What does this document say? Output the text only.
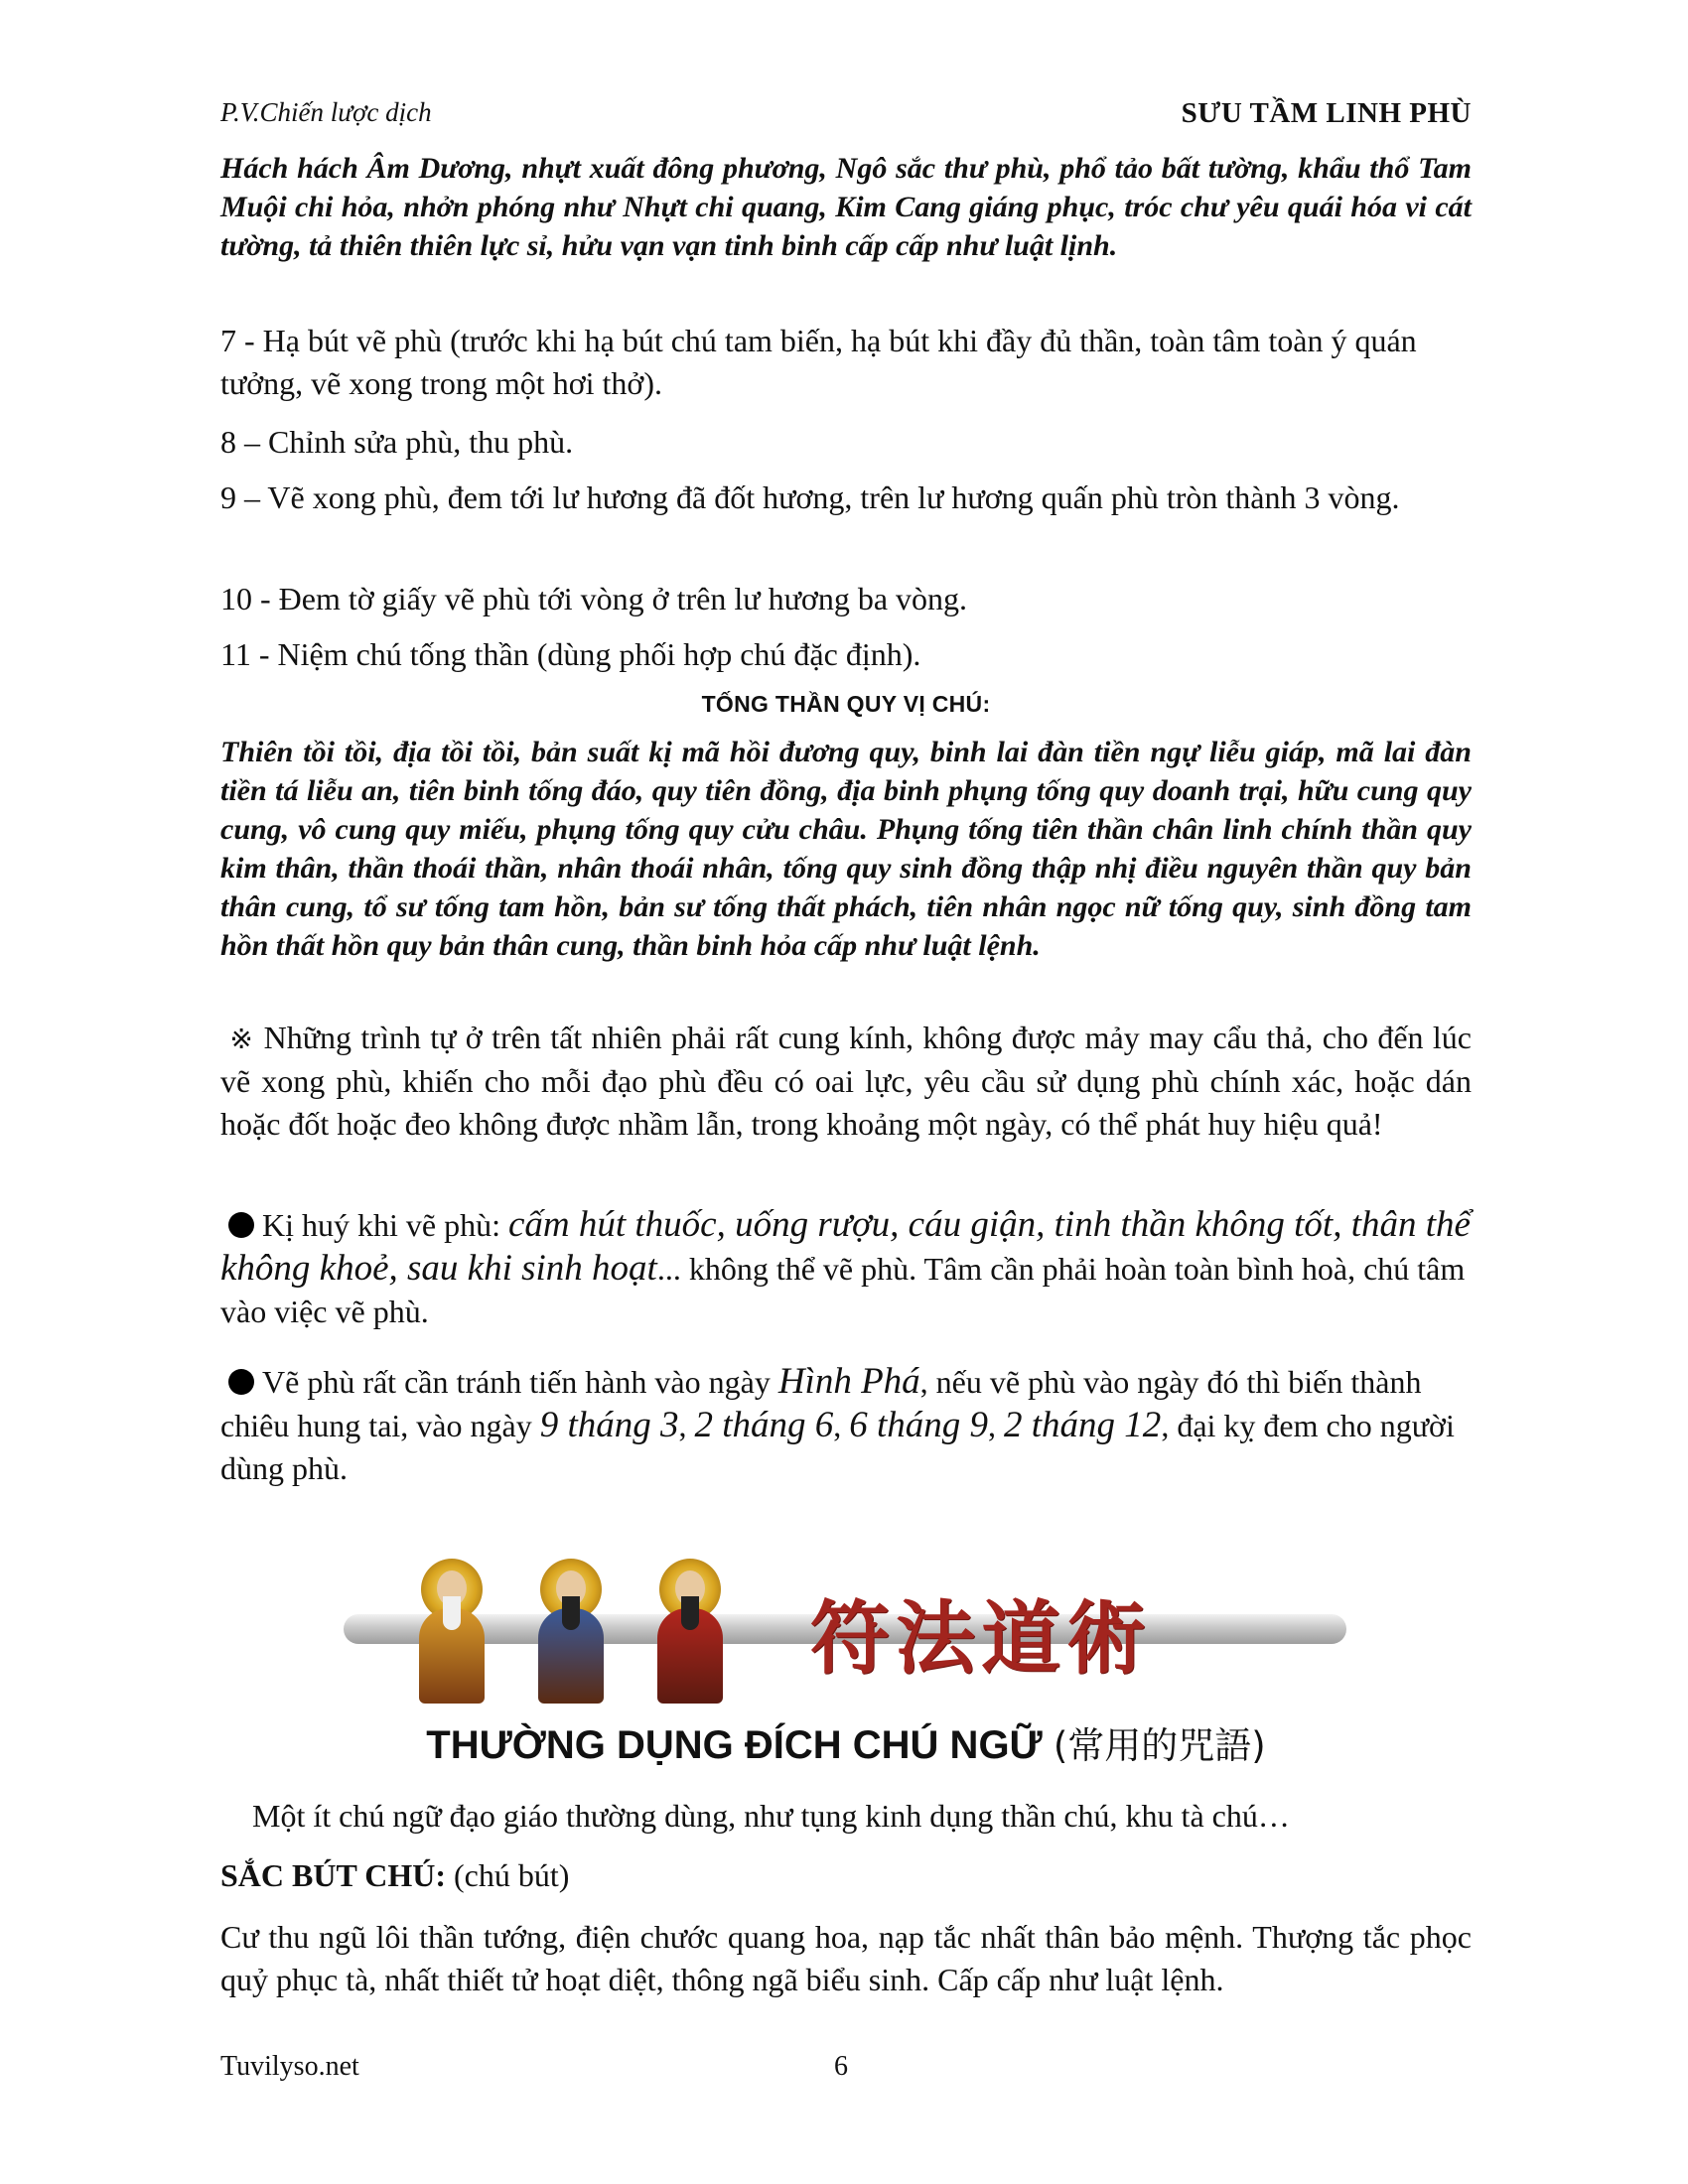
P.V.Chiến lược dịch	SƯU TẦM LINH PHÙ
Hách hách Âm Dương, nhựt xuất đông phương, Ngô sắc thư phù, phổ tảo bất tường, khẩu thổ Tam Muội chi hỏa, nhởn phóng như Nhựt chi quang, Kim Cang giáng phục, tróc chư yêu quái hóa vi cát tường, tả thiên thiên lực sỉ, hửu vạn vạn tinh binh cấp cấp như luật lịnh.
7 - Hạ bút vẽ phù (trước khi hạ bút chú tam biến, hạ bút khi đầy đủ thần, toàn tâm toàn ý quán tưởng, vẽ xong trong một hơi thở).
8 – Chỉnh sửa phù, thu phù.
9 – Vẽ xong phù, đem tới lư hương đã đốt hương, trên lư hương quấn phù tròn thành 3 vòng.
10 - Đem tờ giấy vẽ phù tới vòng ở trên lư hương ba vòng.
11 - Niệm chú tống thần (dùng phối hợp chú đặc định).
TỐNG THẦN QUY VỊ CHÚ:
Thiên tồi tồi, địa tồi tồi, bản suất kị mã hồi đương quy, binh lai đàn tiền ngự liễu giáp, mã lai đàn tiền tá liễu an, tiên binh tống đáo, quy tiên đồng, địa binh phụng tống quy doanh trại, hữu cung quy cung, vô cung quy miếu, phụng tống quy cửu châu. Phụng tống tiên thần chân linh chính thần quy kim thân, thần thoái thần, nhân thoái nhân, tống quy sinh đồng thập nhị điều nguyên thần quy bản thân cung, tổ sư tống tam hồn, bản sư tống thất phách, tiên nhân ngọc nữ tống quy, sinh đồng tam hồn thất hồn quy bản thân cung, thần binh hỏa cấp như luật lệnh.
※ Những trình tự ở trên tất nhiên phải rất cung kính, không được mảy may cẩu thả, cho đến lúc vẽ xong phù, khiến cho mỗi đạo phù đều có oai lực, yêu cầu sử dụng phù chính xác, hoặc dán hoặc đốt hoặc đeo không được nhầm lẫn, trong khoảng một ngày, có thể phát huy hiệu quả!
Kị huý khi vẽ phù: cấm hút thuốc, uống rượu, cáu giận, tinh thần không tốt, thân thể không khoẻ, sau khi sinh hoạt... không thể vẽ phù. Tâm cần phải hoàn toàn bình hoà, chú tâm vào việc vẽ phù.
Vẽ phù rất cần tránh tiến hành vào ngày Hình Phá, nếu vẽ phù vào ngày đó thì biến thành chiêu hung tai, vào ngày 9 tháng 3, 2 tháng 6, 6 tháng 9, 2 tháng 12, đại kỵ đem cho người dùng phù.
符法道術
THƯỜNG DỤNG ĐÍCH CHÚ NGỮ (常用的咒語)
Một ít chú ngữ đạo giáo thường dùng, như tụng kinh dụng thần chú, khu tà chú…
SẮC BÚT CHÚ: (chú bút)
Cư thu ngũ lôi thần tướng, điện chước quang hoa, nạp tắc nhất thân bảo mệnh. Thượng tắc phọc quỷ phục tà, nhất thiết tử hoạt diệt, thông ngã biểu sinh. Cấp cấp như luật lệnh.
Tuvilyso.net	6
